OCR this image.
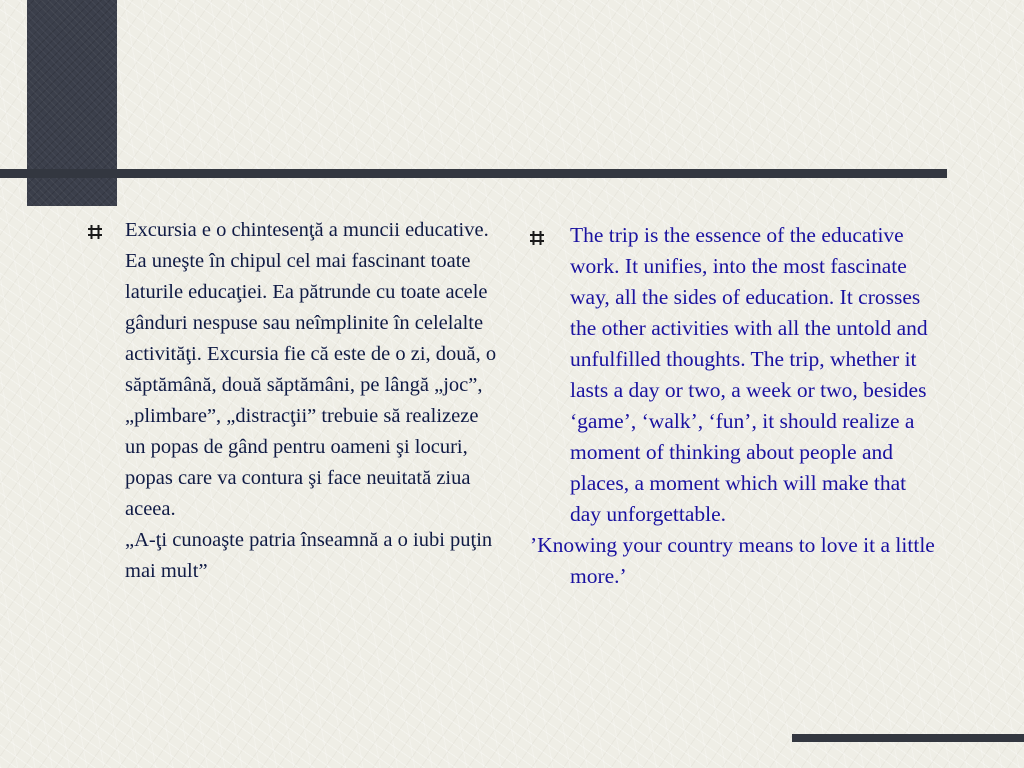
Excursia e o chintesenţă a muncii educative. Ea uneşte în chipul cel mai fascinant toate laturile educaţiei. Ea pătrunde cu toate acele gânduri nespuse sau neîmplinite în celelalte activităţi. Excursia fie că este de o zi, două, o săptămână, două săptămâni, pe lângă „joc”, „plimbare”, „distracţii” trebuie să realizeze un popas de gând pentru oameni şi locuri, popas care va contura şi face neuitată ziua aceea.

„A-ţi cunoaşte patria înseamnă a o iubi puţin mai mult”

The trip is the essence of the educative work. It unifies, into the most fascinate way, all the sides of education. It crosses the other activities with all the untold and unfulfilled thoughts. The trip, whether it lasts a day or two, a week or two, besides ‘game’, ‘walk’, ‘fun’, it should realize a moment of thinking about people and places, a moment which will make that day unforgettable.

’Knowing your country means to love it a little more.’
